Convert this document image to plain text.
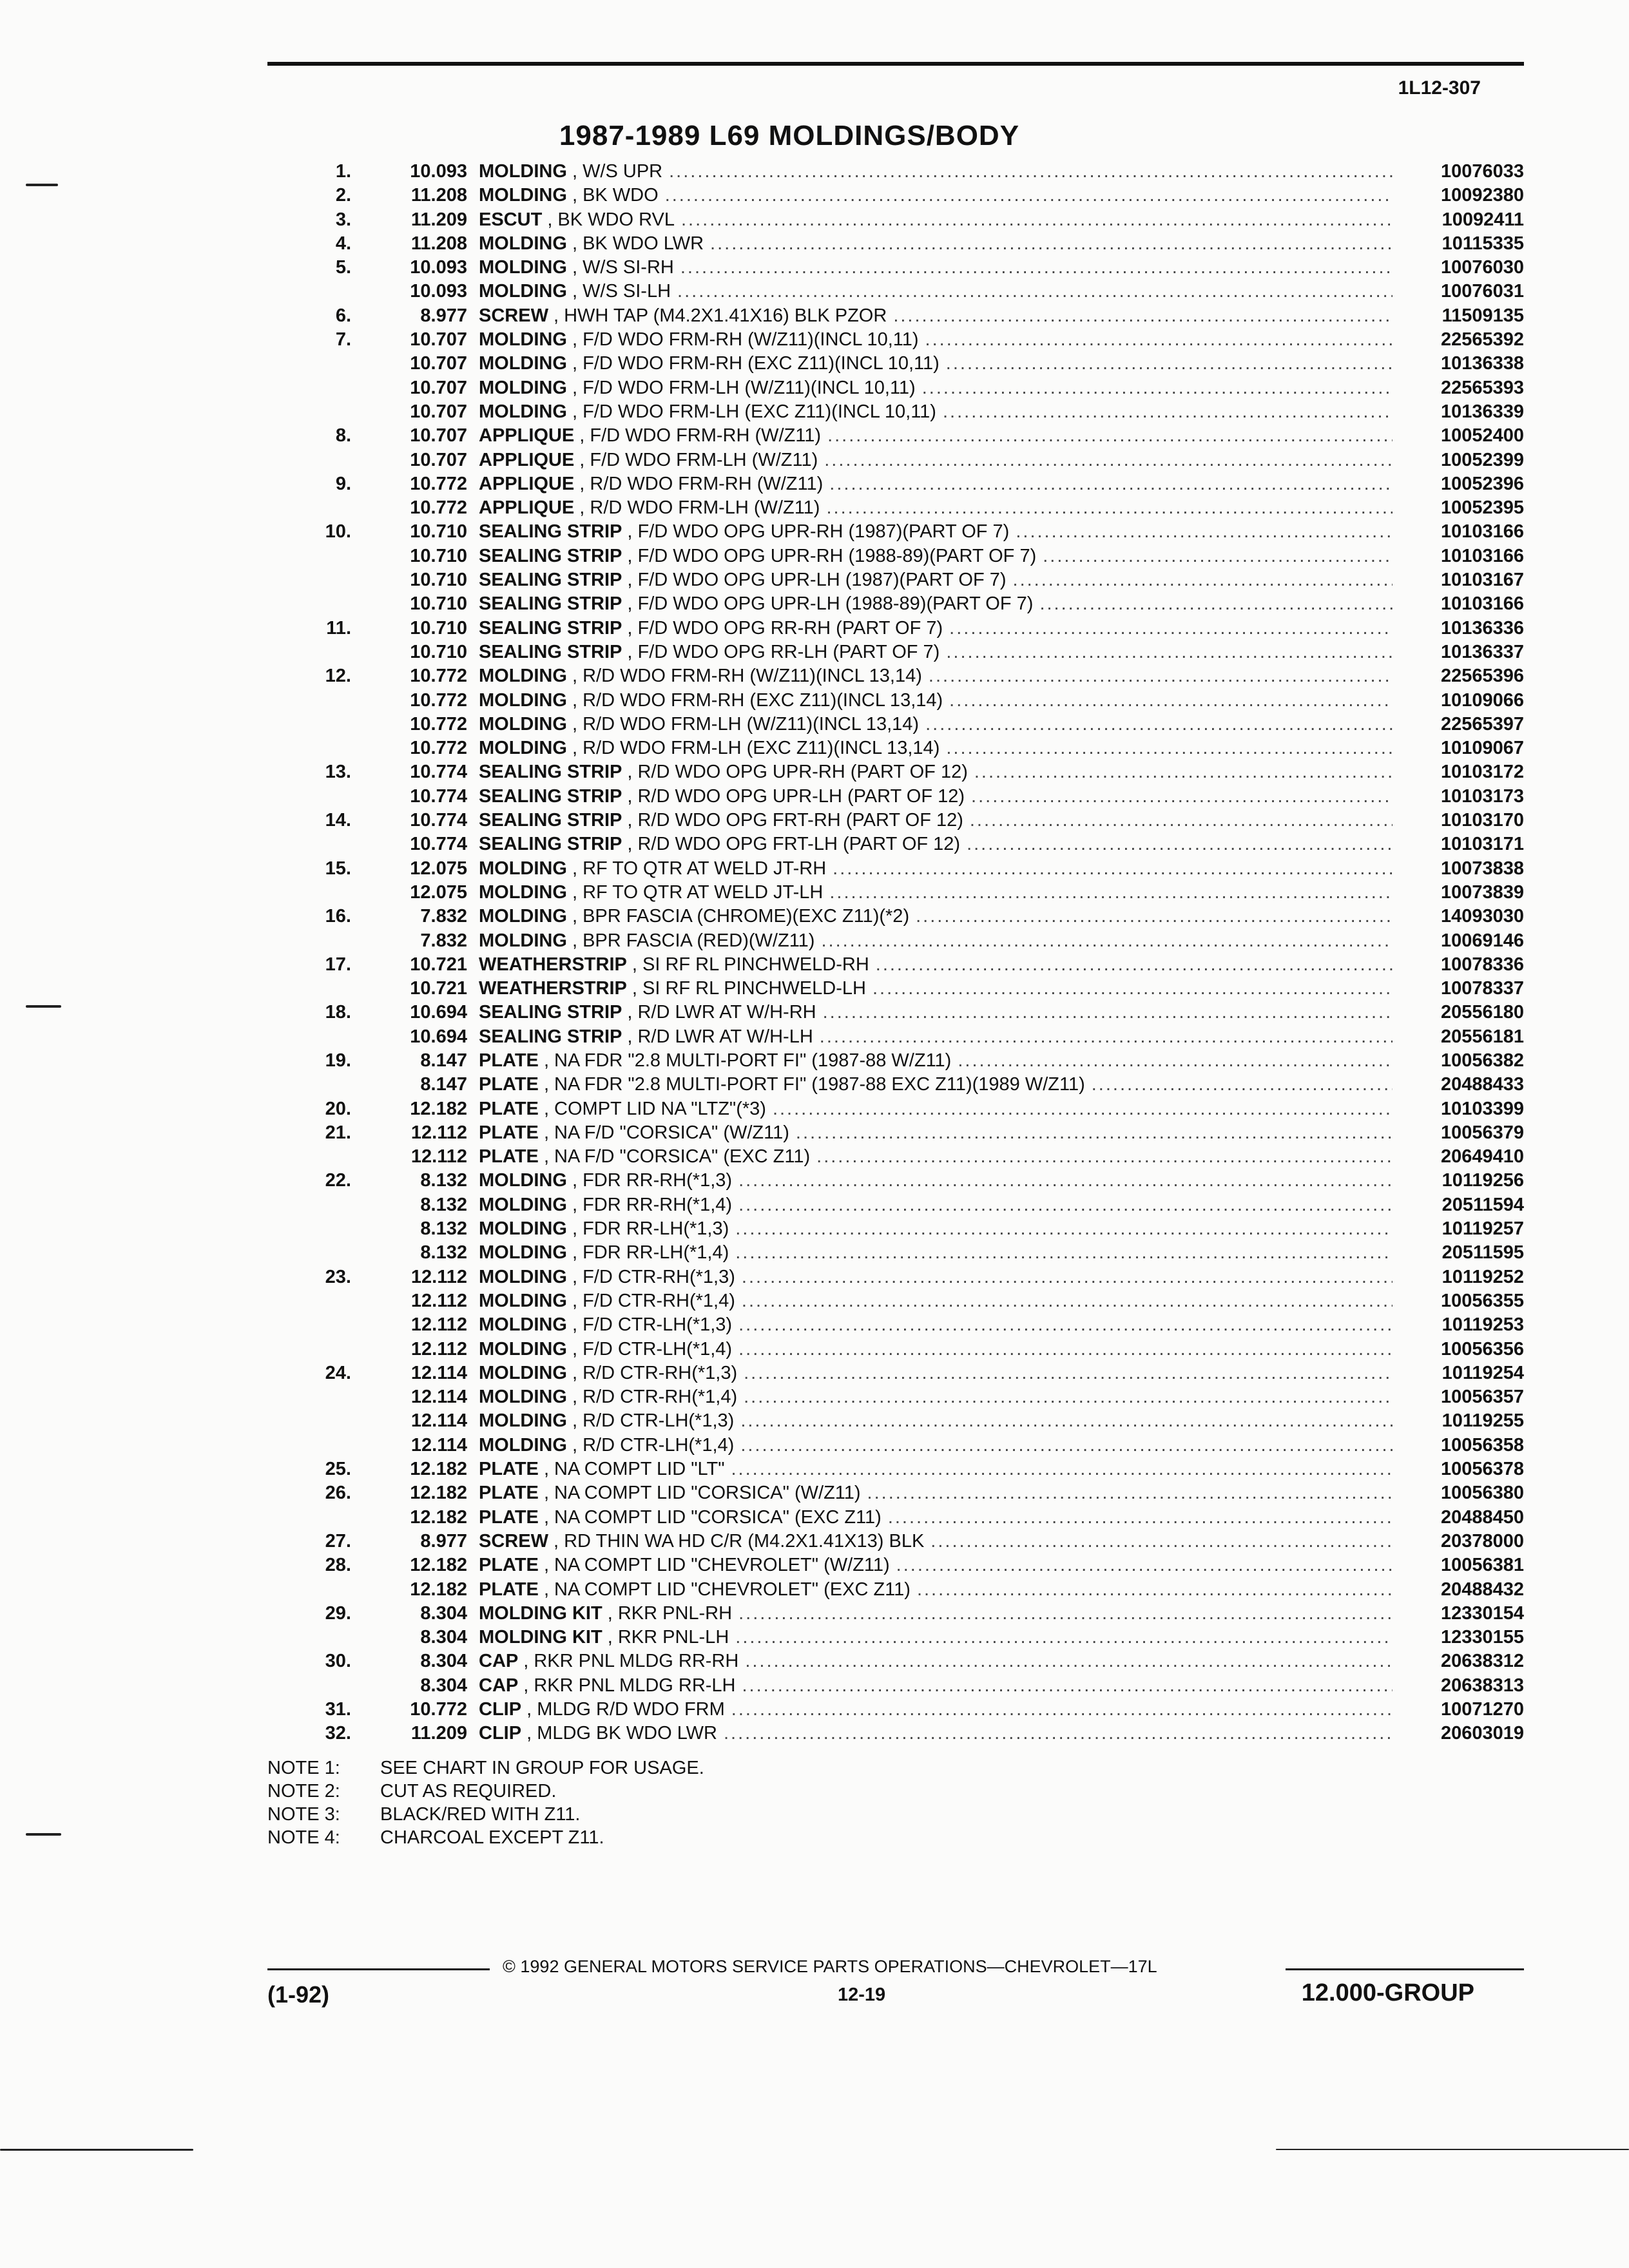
1L12-307
1987-1989 L69 MOLDINGS/BODY
1.	10.093 MOLDING , W/S UPR .....	10076033
2.	11.208 MOLDING , BK WDO .....	10092380
3.	11.209 ESCUT , BK WDO RVL .....	10092411
4.	11.208 MOLDING , BK WDO LWR .....	10115335
5.	10.093 MOLDING , W/S SI-RH .....	10076030
10.093 MOLDING , W/S SI-LH .....	10076031
6.	8.977 SCREW , HWH TAP (M4.2X1.41X16) BLK PZOR .....	11509135
7.	10.707 MOLDING , F/D WDO FRM-RH (W/Z11)(INCL 10,11) .....	22565392
10.707 MOLDING , F/D WDO FRM-RH (EXC Z11)(INCL 10,11) .....	10136338
10.707 MOLDING , F/D WDO FRM-LH (W/Z11)(INCL 10,11) .....	22565393
10.707 MOLDING , F/D WDO FRM-LH (EXC Z11)(INCL 10,11) .....	10136339
8.	10.707 APPLIQUE , F/D WDO FRM-RH (W/Z11) .....	10052400
10.707 APPLIQUE , F/D WDO FRM-LH (W/Z11) .....	10052399
9.	10.772 APPLIQUE , R/D WDO FRM-RH (W/Z11) .....	10052396
10.772 APPLIQUE , R/D WDO FRM-LH (W/Z11) .....	10052395
10.	10.710 SEALING STRIP , F/D WDO OPG UPR-RH (1987)(PART OF 7) .....	10103166
10.710 SEALING STRIP , F/D WDO OPG UPR-RH (1988-89)(PART OF 7) .....	10103166
10.710 SEALING STRIP , F/D WDO OPG UPR-LH (1987)(PART OF 7) .....	10103167
10.710 SEALING STRIP , F/D WDO OPG UPR-LH (1988-89)(PART OF 7) .....	10103166
11.	10.710 SEALING STRIP , F/D WDO OPG RR-RH (PART OF 7) .....	10136336
10.710 SEALING STRIP , F/D WDO OPG RR-LH (PART OF 7) .....	10136337
12.	10.772 MOLDING , R/D WDO FRM-RH (W/Z11)(INCL 13,14) .....	22565396
10.772 MOLDING , R/D WDO FRM-RH (EXC Z11)(INCL 13,14) .....	10109066
10.772 MOLDING , R/D WDO FRM-LH (W/Z11)(INCL 13,14) .....	22565397
10.772 MOLDING , R/D WDO FRM-LH (EXC Z11)(INCL 13,14) .....	10109067
13.	10.774 SEALING STRIP , R/D WDO OPG UPR-RH (PART OF 12) .....	10103172
10.774 SEALING STRIP , R/D WDO OPG UPR-LH (PART OF 12) .....	10103173
14.	10.774 SEALING STRIP , R/D WDO OPG FRT-RH (PART OF 12) .....	10103170
10.774 SEALING STRIP , R/D WDO OPG FRT-LH (PART OF 12) .....	10103171
15.	12.075 MOLDING , RF TO QTR AT WELD JT-RH .....	10073838
12.075 MOLDING , RF TO QTR AT WELD JT-LH .....	10073839
16.	7.832 MOLDING , BPR FASCIA (CHROME)(EXC Z11)(*2) .....	14093030
7.832 MOLDING , BPR FASCIA (RED)(W/Z11) .....	10069146
17.	10.721 WEATHERSTRIP , SI RF RL PINCHWELD-RH .....	10078336
10.721 WEATHERSTRIP , SI RF RL PINCHWELD-LH .....	10078337
18.	10.694 SEALING STRIP , R/D LWR AT W/H-RH .....	20556180
10.694 SEALING STRIP , R/D LWR AT W/H-LH .....	20556181
19.	8.147 PLATE , NA FDR "2.8 MULTI-PORT FI" (1987-88 W/Z11) .....	10056382
8.147 PLATE , NA FDR "2.8 MULTI-PORT FI" (1987-88 EXC Z11)(1989 W/Z11) .....	20488433
20.	12.182 PLATE , COMPT LID NA "LTZ"(*3) .....	10103399
21.	12.112 PLATE , NA F/D "CORSICA" (W/Z11) .....	10056379
12.112 PLATE , NA F/D "CORSICA" (EXC Z11) .....	20649410
22.	8.132 MOLDING , FDR RR-RH(*1,3) .....	10119256
8.132 MOLDING , FDR RR-RH(*1,4) .....	20511594
8.132 MOLDING , FDR RR-LH(*1,3) .....	10119257
8.132 MOLDING , FDR RR-LH(*1,4) .....	20511595
23.	12.112 MOLDING , F/D CTR-RH(*1,3) .....	10119252
12.112 MOLDING , F/D CTR-RH(*1,4) .....	10056355
12.112 MOLDING , F/D CTR-LH(*1,3) .....	10119253
12.112 MOLDING , F/D CTR-LH(*1,4) .....	10056356
24.	12.114 MOLDING , R/D CTR-RH(*1,3) .....	10119254
12.114 MOLDING , R/D CTR-RH(*1,4) .....	10056357
12.114 MOLDING , R/D CTR-LH(*1,3) .....	10119255
12.114 MOLDING , R/D CTR-LH(*1,4) .....	10056358
25.	12.182 PLATE , NA COMPT LID "LT" .....	10056378
26.	12.182 PLATE , NA COMPT LID "CORSICA" (W/Z11) .....	10056380
12.182 PLATE , NA COMPT LID "CORSICA" (EXC Z11) .....	20488450
27.	8.977 SCREW , RD THIN WA HD C/R (M4.2X1.41X13) BLK .....	20378000
28.	12.182 PLATE , NA COMPT LID "CHEVROLET" (W/Z11) .....	10056381
12.182 PLATE , NA COMPT LID "CHEVROLET" (EXC Z11) .....	20488432
29.	8.304 MOLDING KIT , RKR PNL-RH .....	12330154
8.304 MOLDING KIT , RKR PNL-LH .....	12330155
30.	8.304 CAP , RKR PNL MLDG RR-RH .....	20638312
8.304 CAP , RKR PNL MLDG RR-LH .....	20638313
31.	10.772 CLIP , MLDG R/D WDO FRM .....	10071270
32.	11.209 CLIP , MLDG BK WDO LWR .....	20603019
NOTE 1: SEE CHART IN GROUP FOR USAGE.
NOTE 2: CUT AS REQUIRED.
NOTE 3: BLACK/RED WITH Z11.
NOTE 4: CHARCOAL EXCEPT Z11.
© 1992 GENERAL MOTORS SERVICE PARTS OPERATIONS—CHEVROLET—17L
(1-92)	12-19	12.000-GROUP
